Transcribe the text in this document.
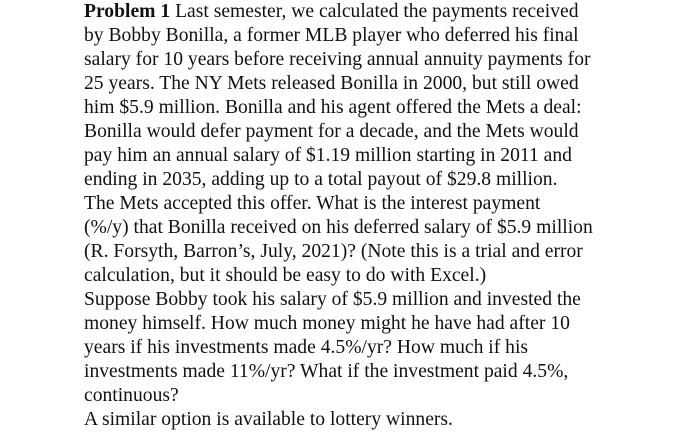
Problem 1 Last semester, we calculated the payments received
by Bobby Bonilla, a former MLB player who deferred his final
salary for 10 years before receiving annual annuity payments for
25 years. The NY Mets released Bonilla in 2000, but still owed
him $5.9 million. Bonilla and his agent offered the Mets a deal:
Bonilla would defer payment for a decade, and the Mets would
pay him an annual salary of $1.19 million starting in 2011 and
ending in 2035, adding up to a total payout of $29.8 million.
The Mets accepted this offer. What is the interest payment
(%/y) that Bonilla received on his deferred salary of $5.9 million
(R. Forsyth, Barron’s, July, 2021)? (Note this is a trial and error
calculation, but it should be easy to do with Excel.)
Suppose Bobby took his salary of $5.9 million and invested the
money himself. How much money might he have had after 10
years if his investments made 4.5%/yr? How much if his
investments made 11%/yr? What if the investment paid 4.5%,
continuous?
A similar option is available to lottery winners.
